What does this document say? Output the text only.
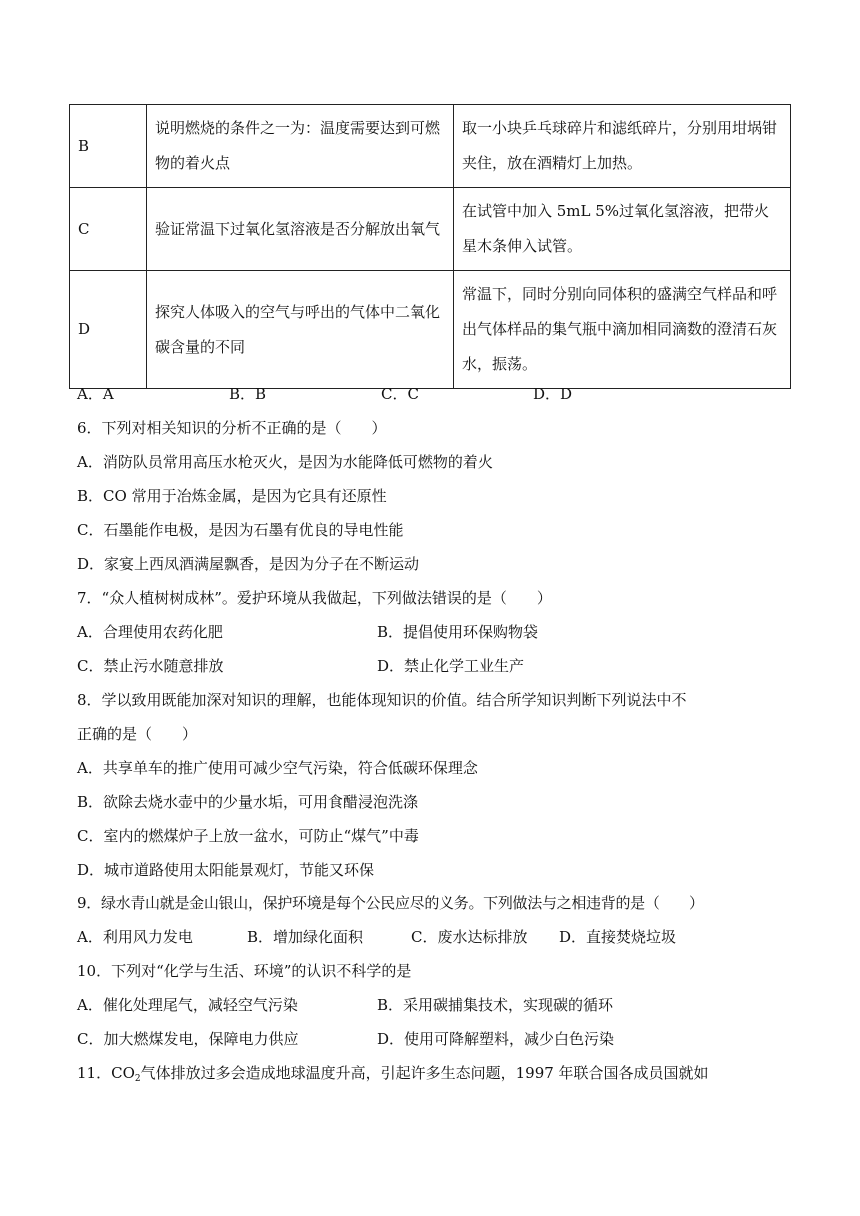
B	说明燃烧的条件之一为：温度需要达到可燃物的着火点	取一小块乒乓球碎片和滤纸碎片，分别用坩埚钳夹住，放在酒精灯上加热。
C	验证常温下过氧化氢溶液是否分解放出氧气	在试管中加入 5mL 5%过氧化氢溶液，把带火星木条伸入试管。
D	探究人体吸入的空气与呼出的气体中二氧化碳含量的不同	常温下，同时分别向同体积的盛满空气样品和呼出气体样品的集气瓶中滴加相同滴数的澄清石灰水，振荡。
A．A	B．B	C．C	D．D
6．下列对相关知识的分析不正确的是（　　）
A．消防队员常用高压水枪灭火，是因为水能降低可燃物的着火
B．CO 常用于冶炼金属，是因为它具有还原性
C．石墨能作电极，是因为石墨有优良的导电性能
D．家宴上西凤酒满屋飘香，是因为分子在不断运动
7．“众人植树树成林”。爱护环境从我做起，下列做法错误的是（　　）
A．合理使用农药化肥	B．提倡使用环保购物袋
C．禁止污水随意排放	D．禁止化学工业生产
8．学以致用既能加深对知识的理解，也能体现知识的价值。结合所学知识判断下列说法中不
正确的是（　　）
A．共享单车的推广使用可减少空气污染，符合低碳环保理念
B．欲除去烧水壶中的少量水垢，可用食醋浸泡洗涤
C．室内的燃煤炉子上放一盆水，可防止“煤气”中毒
D．城市道路使用太阳能景观灯，节能又环保
9．绿水青山就是金山银山，保护环境是每个公民应尽的义务。下列做法与之相违背的是（　　）
A．利用风力发电	B．增加绿化面积	C．废水达标排放 D．直接焚烧垃圾
10．下列对“化学与生活、环境”的认识不科学的是
A．催化处理尾气，减轻空气污染	B．采用碳捕集技术，实现碳的循环
C．加大燃煤发电，保障电力供应	D．使用可降解塑料，减少白色污染
11．$CO_2$气体排放过多会造成地球温度升高，引起许多生态问题，1997 年联合国各成员国就如
